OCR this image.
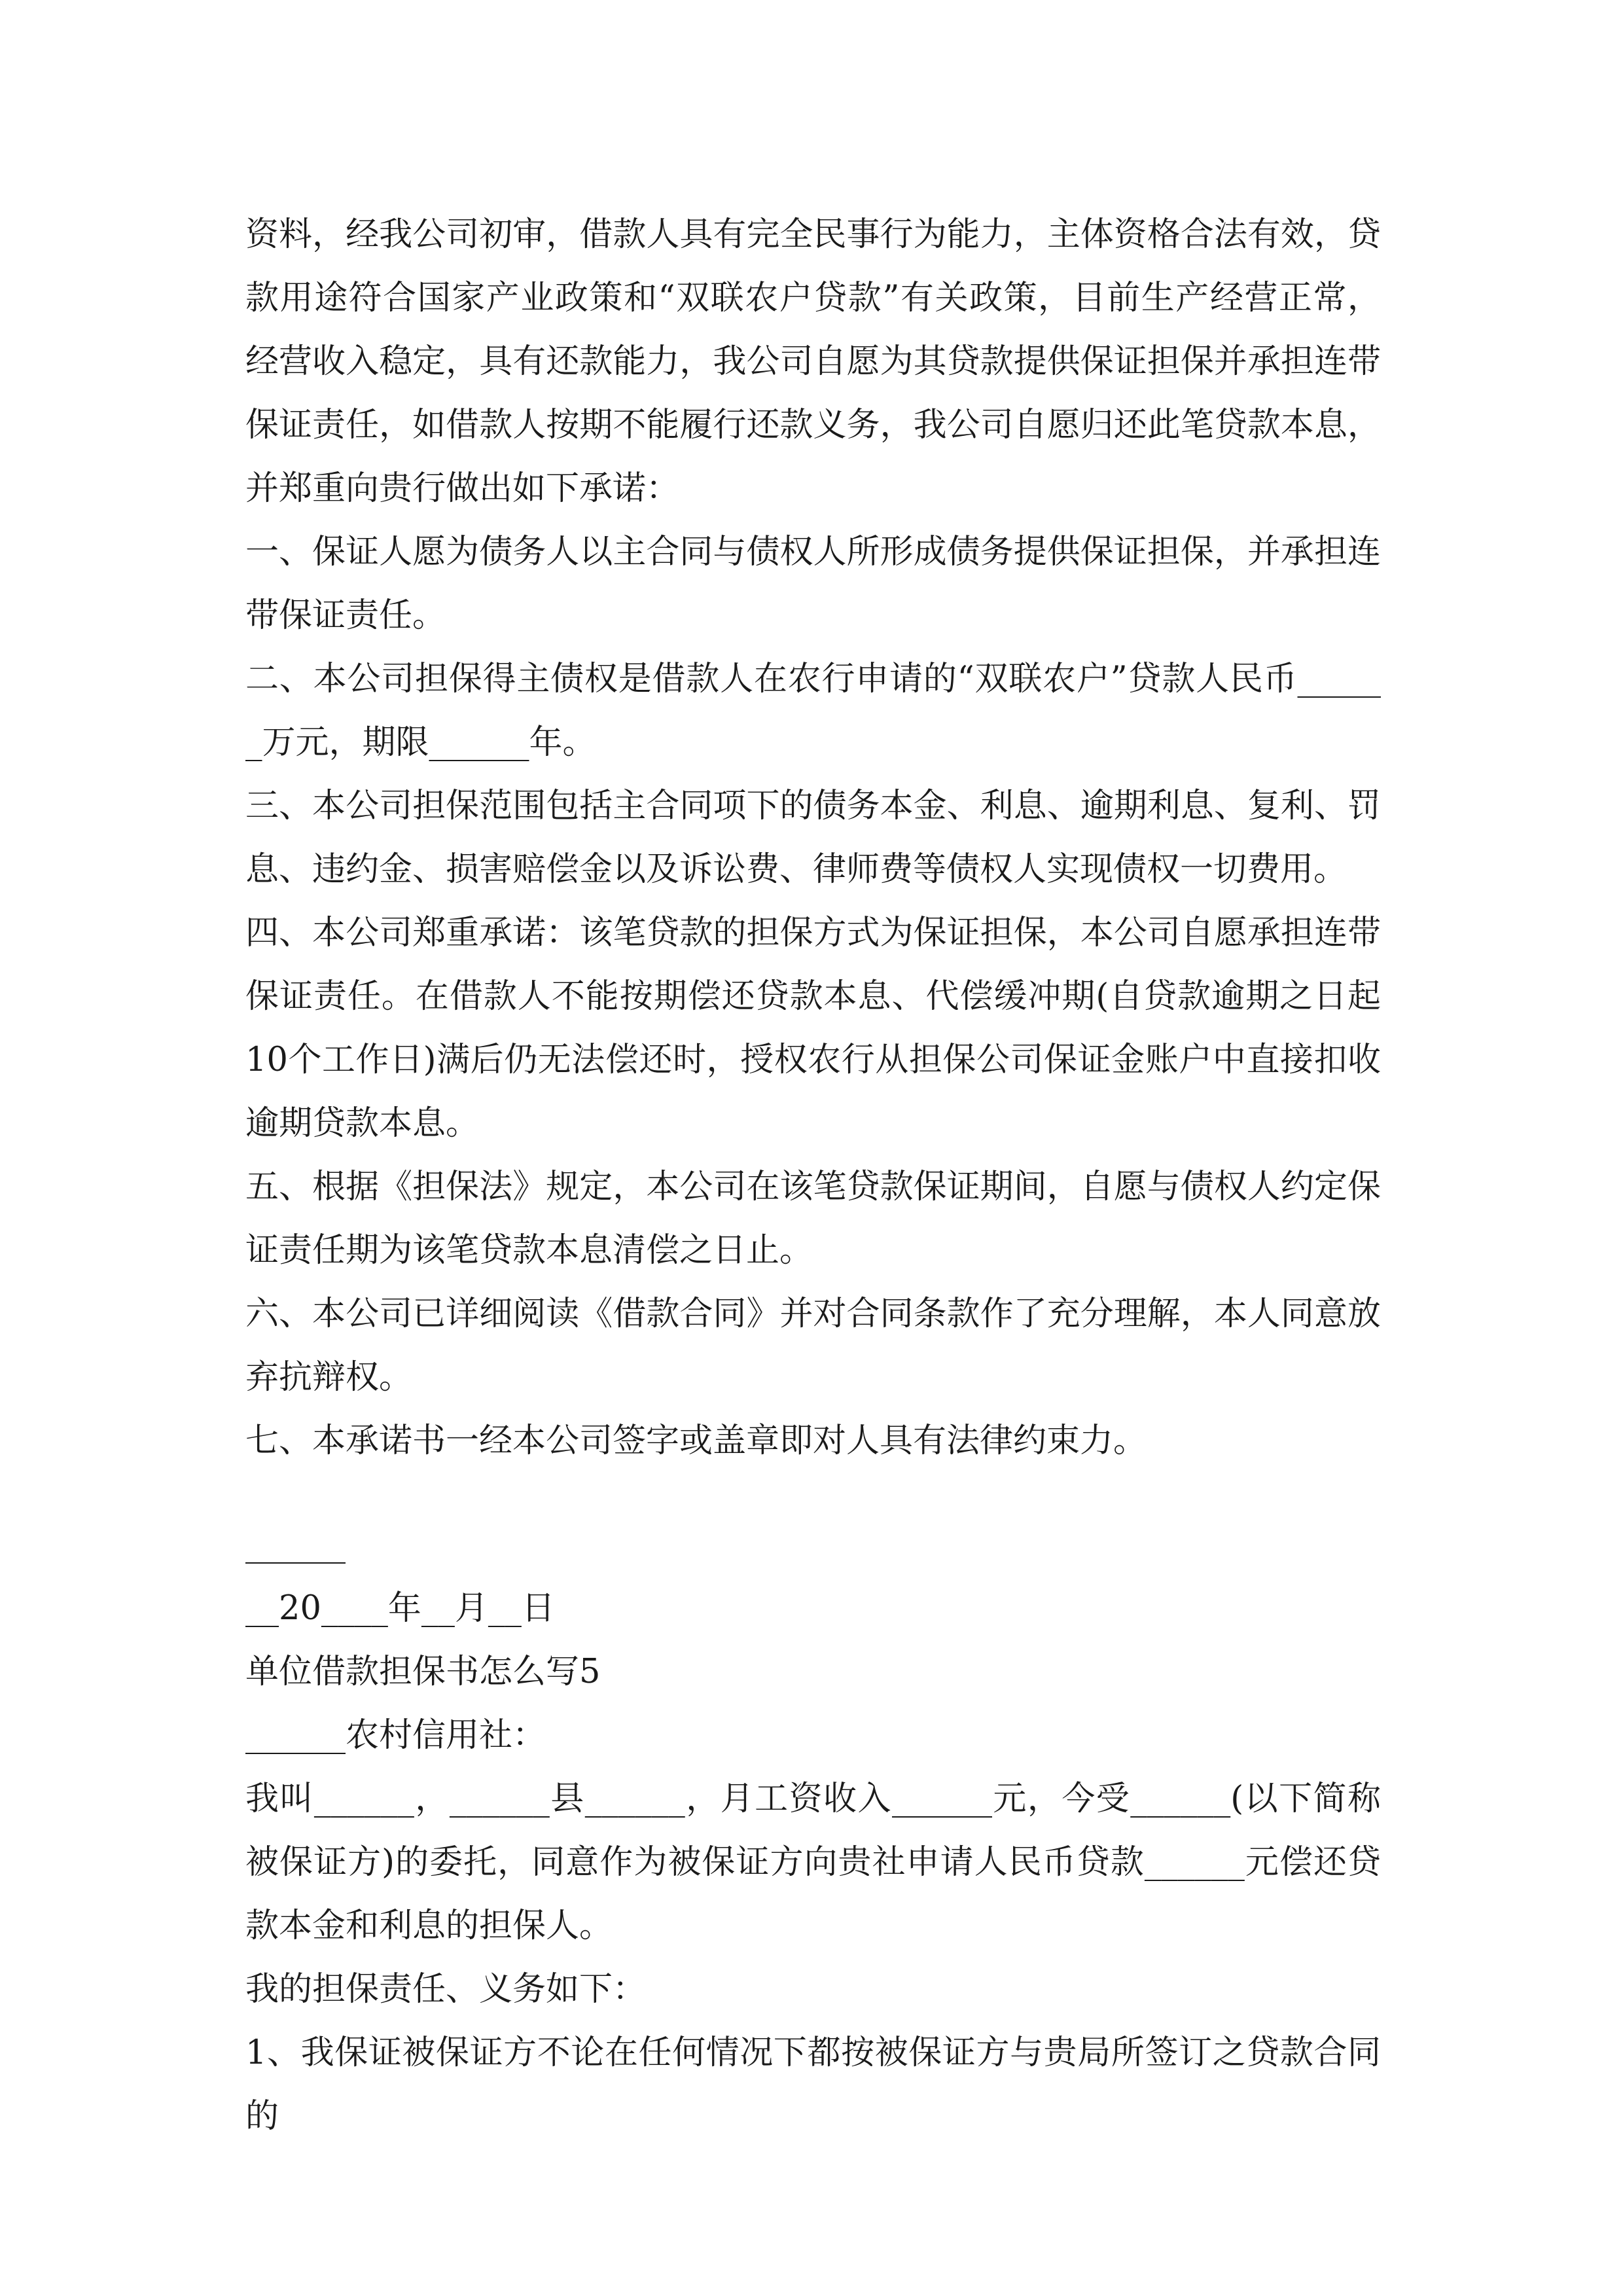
资料，经我公司初审，借款人具有完全民事行为能力，主体资格合法有效，贷款用途符合国家产业政策和“双联农户贷款”有关政策，目前生产经营正常，经营收入稳定，具有还款能力，我公司自愿为其贷款提供保证担保并承担连带保证责任，如借款人按期不能履行还款义务，我公司自愿归还此笔贷款本息，并郑重向贵行做出如下承诺：

一、保证人愿为债务人以主合同与债权人所形成债务提供保证担保，并承担连带保证责任。

二、本公司担保得主债权是借款人在农行申请的“双联农户”贷款人民币______万元，期限______年。

三、本公司担保范围包括主合同项下的债务本金、利息、逾期利息、复利、罚息、违约金、损害赔偿金以及诉讼费、律师费等债权人实现债权一切费用。

四、本公司郑重承诺：该笔贷款的担保方式为保证担保，本公司自愿承担连带保证责任。在借款人不能按期偿还贷款本息、代偿缓冲期(自贷款逾期之日起10个工作日)满后仍无法偿还时，授权农行从担保公司保证金账户中直接扣收逾期贷款本息。

五、根据《担保法》规定，本公司在该笔贷款保证期间，自愿与债权人约定保证责任期为该笔贷款本息清偿之日止。

六、本公司已详细阅读《借款合同》并对合同条款作了充分理解，本人同意放弃抗辩权。

七、本承诺书一经本公司签字或盖章即对人具有法律约束力。

______

__20____年__月__日

单位借款担保书怎么写5

______农村信用社：

我叫______，______县______，月工资收入______元，今受______(以下简称被保证方)的委托，同意作为被保证方向贵社申请人民币贷款______元偿还贷款本金和利息的担保人。

我的担保责任、义务如下：

1、我保证被保证方不论在任何情况下都按被保证方与贵局所签订之贷款合同的
